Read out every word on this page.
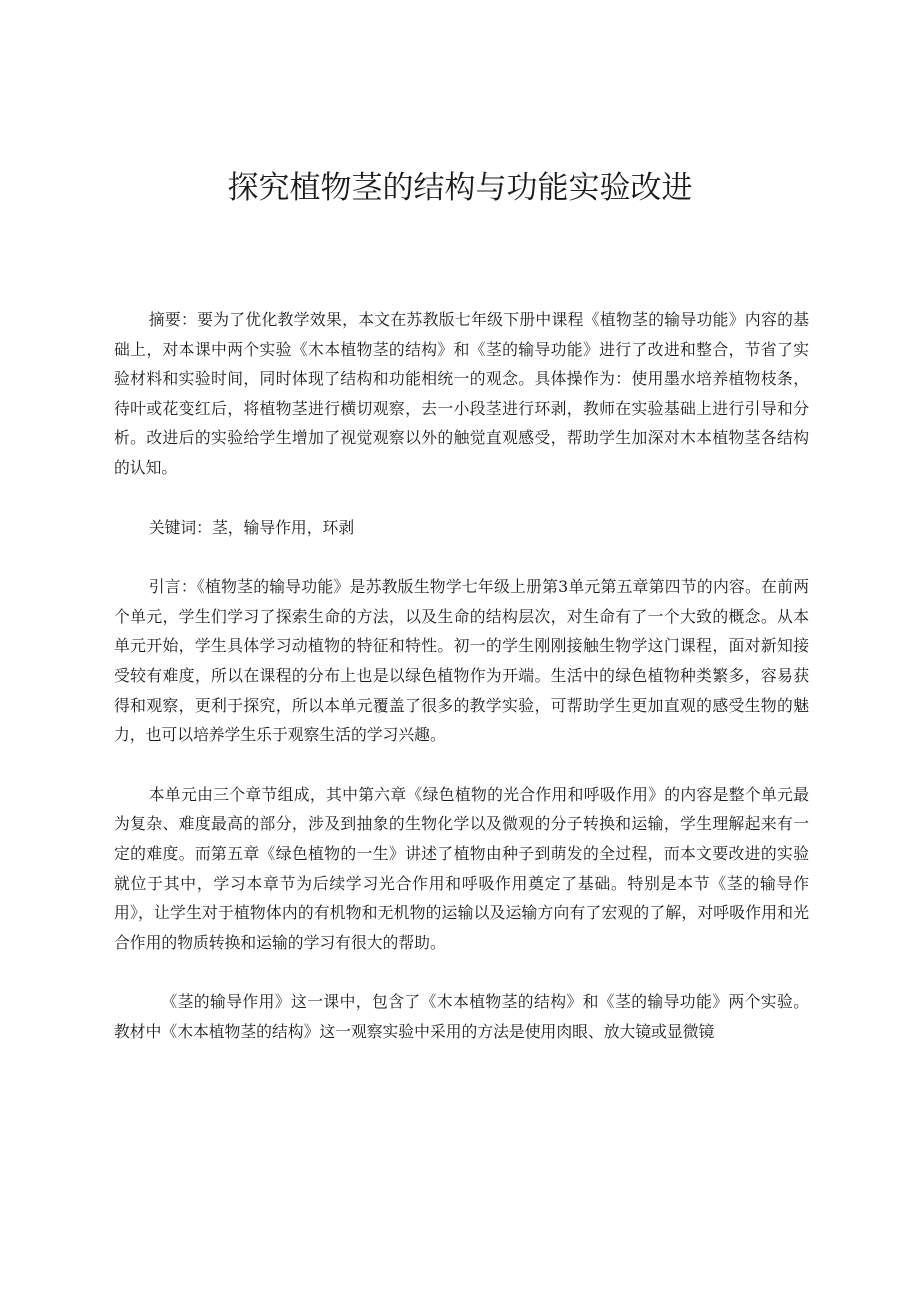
探究植物茎的结构与功能实验改进

摘要：要为了优化教学效果，本文在苏教版七年级下册中课程《植物茎的输导功能》内容的基础上，对本课中两个实验《木本植物茎的结构》和《茎的输导功能》进行了改进和整合，节省了实验材料和实验时间，同时体现了结构和功能相统一的观念。具体操作为：使用墨水培养植物枝条，待叶或花变红后，将植物茎进行横切观察，去一小段茎进行环剥，教师在实验基础上进行引导和分析。改进后的实验给学生增加了视觉观察以外的触觉直观感受，帮助学生加深对木本植物茎各结构的认知。

关键词：茎，输导作用，环剥

引言：《植物茎的输导功能》是苏教版生物学七年级上册第3单元第五章第四节的内容。在前两个单元，学生们学习了探索生命的方法，以及生命的结构层次，对生命有了一个大致的概念。从本单元开始，学生具体学习动植物的特征和特性。初一的学生刚刚接触生物学这门课程，面对新知接受较有难度，所以在课程的分布上也是以绿色植物作为开端。生活中的绿色植物种类繁多，容易获得和观察，更利于探究，所以本单元覆盖了很多的教学实验，可帮助学生更加直观的感受生物的魅力，也可以培养学生乐于观察生活的学习兴趣。

本单元由三个章节组成，其中第六章《绿色植物的光合作用和呼吸作用》的内容是整个单元最为复杂、难度最高的部分，涉及到抽象的生物化学以及微观的分子转换和运输，学生理解起来有一定的难度。而第五章《绿色植物的一生》讲述了植物由种子到萌发的全过程，而本文要改进的实验就位于其中，学习本章节为后续学习光合作用和呼吸作用奠定了基础。特别是本节《茎的输导作用》，让学生对于植物体内的有机物和无机物的运输以及运输方向有了宏观的了解，对呼吸作用和光合作用的物质转换和运输的学习有很大的帮助。

《茎的输导作用》这一课中，包含了《木本植物茎的结构》和《茎的输导功能》两个实验。教材中《木本植物茎的结构》这一观察实验中采用的方法是使用肉眼、放大镜或显微镜
